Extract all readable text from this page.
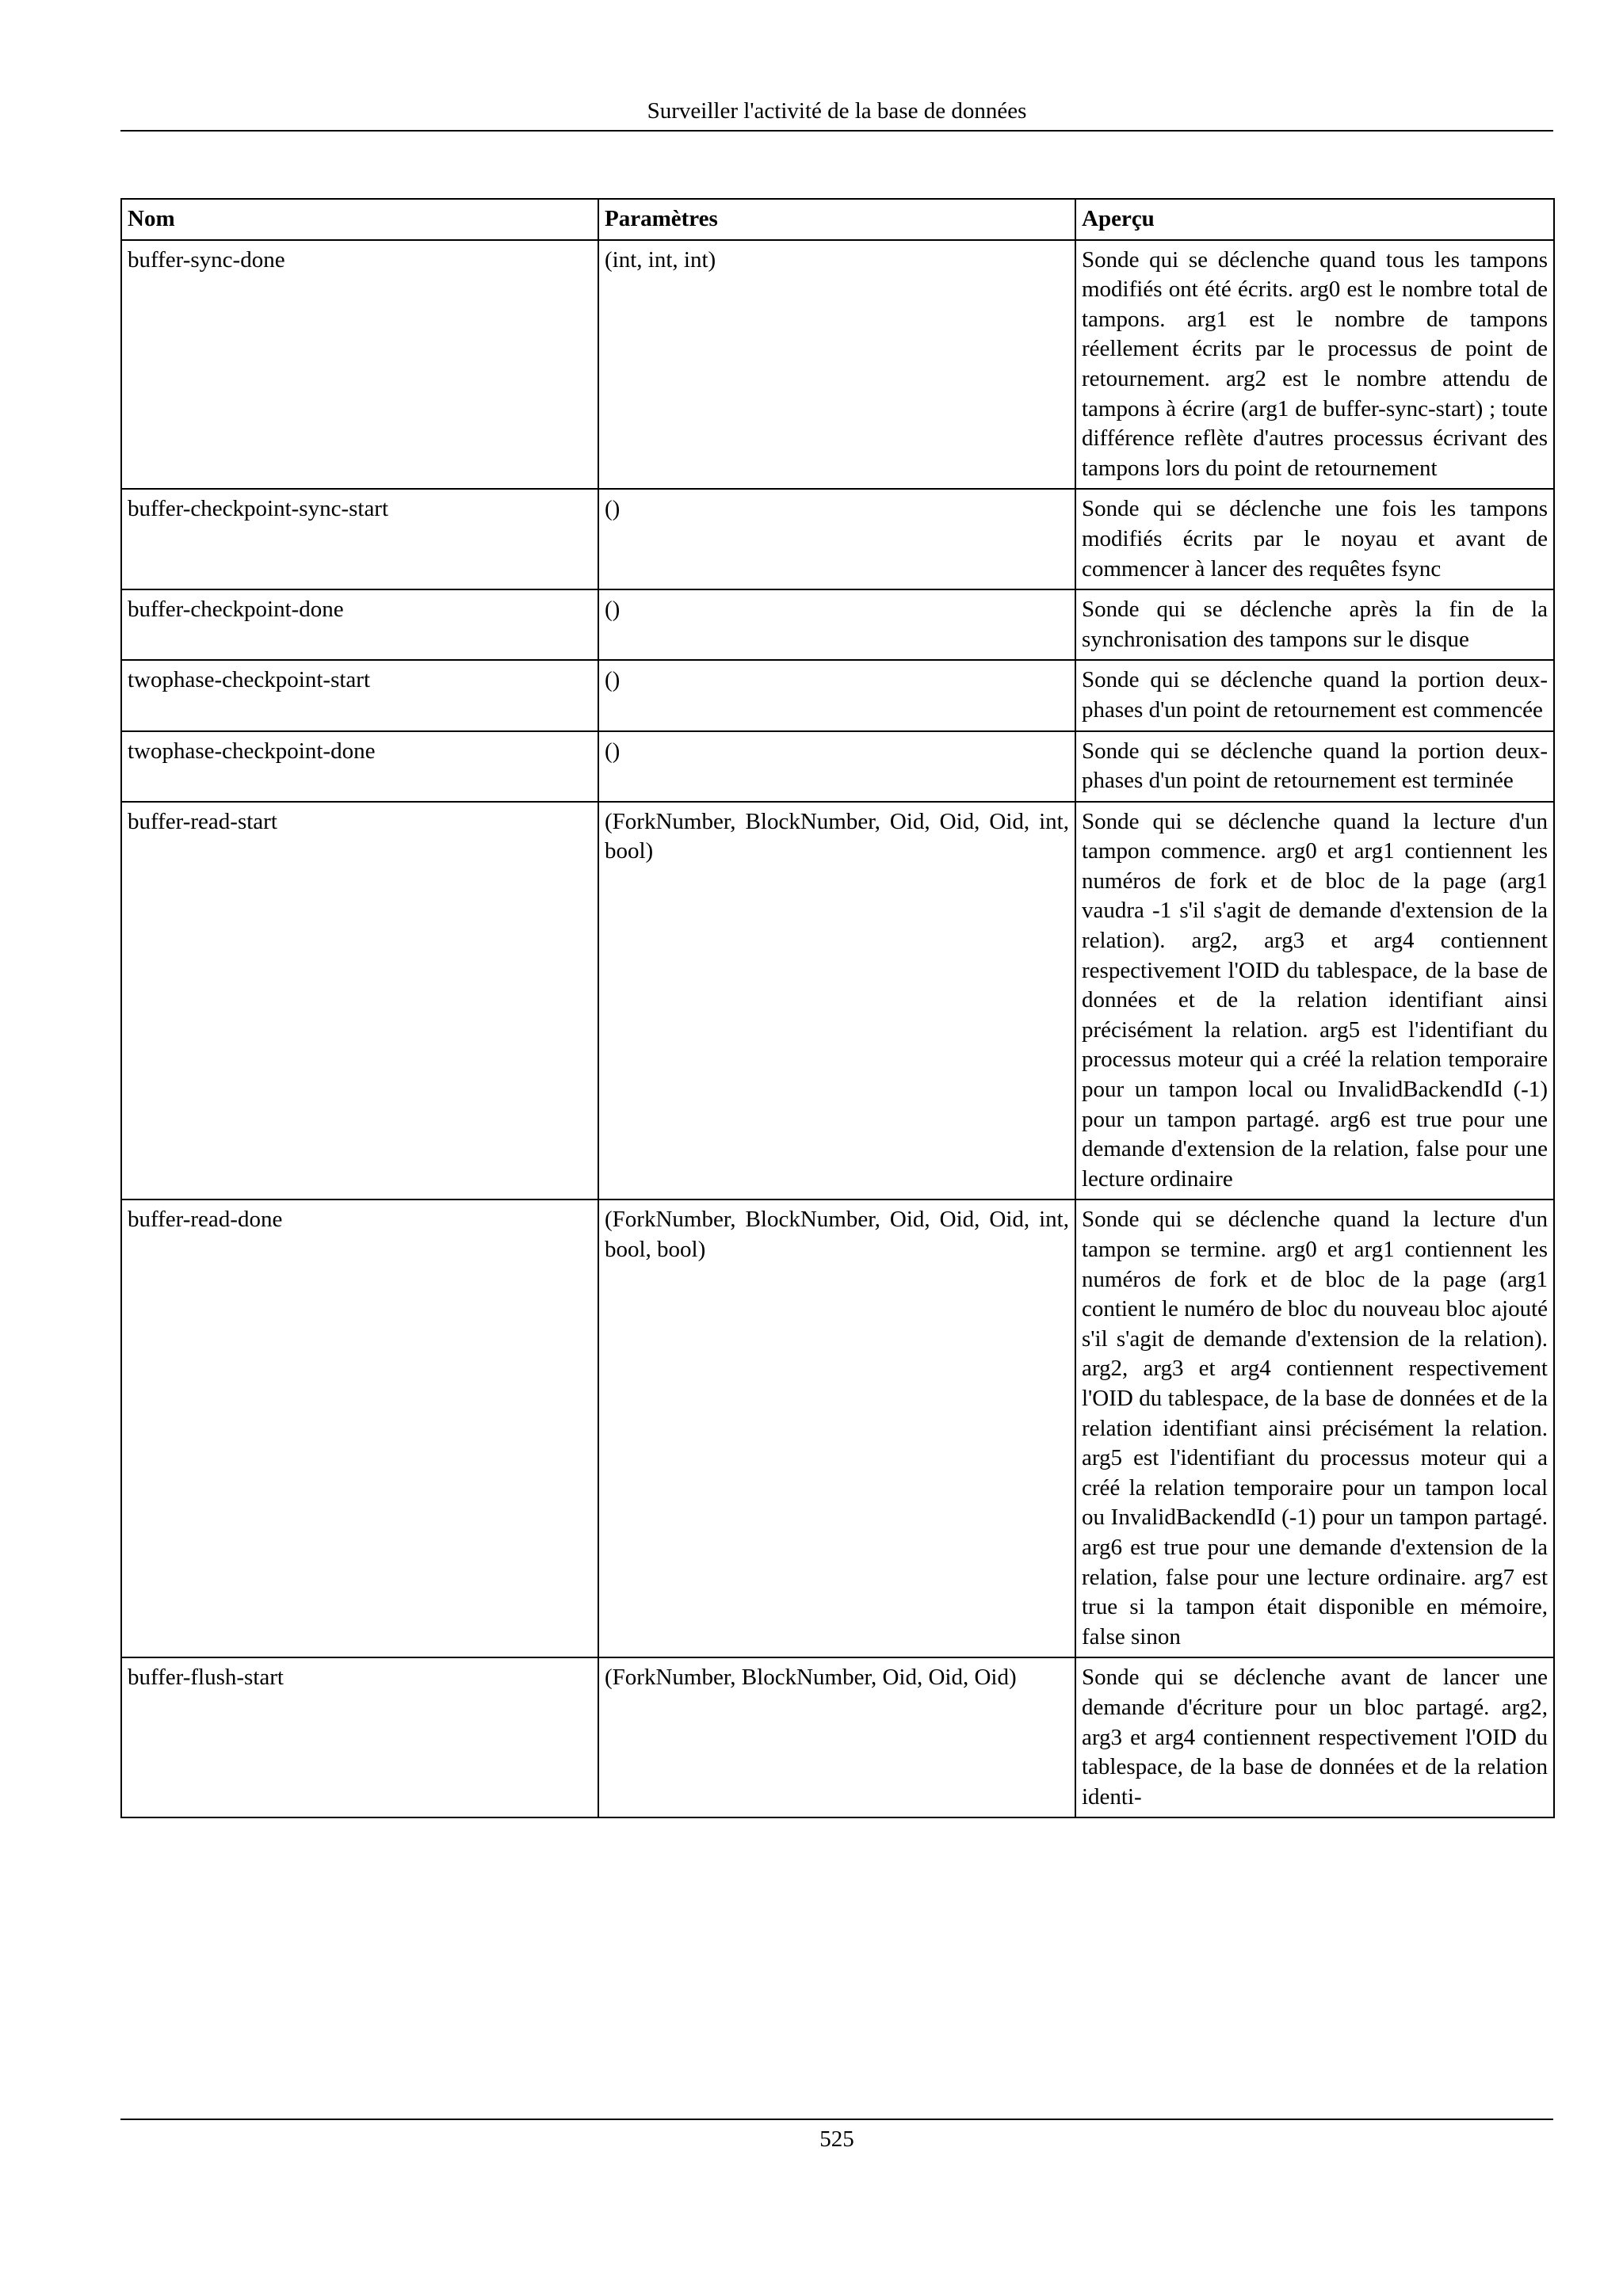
Surveiller l'activité de la base de données
Nom	Paramètres	Aperçu
buffer-sync-done	(int, int, int)	Sonde qui se déclenche quand tous les tampons modifiés ont été écrits. arg0 est le nombre total de tampons. arg1 est le nombre de tampons réellement écrits par le processus de point de retournement. arg2 est le nombre attendu de tampons à écrire (arg1 de buffer-sync-start) ; toute différence reflète d'autres processus écrivant des tampons lors du point de retournement
buffer-checkpoint-sync-start	()	Sonde qui se déclenche une fois les tampons modifiés écrits par le noyau et avant de commencer à lancer des requêtes fsync
buffer-checkpoint-done	()	Sonde qui se déclenche après la fin de la synchronisation des tampons sur le disque
twophase-checkpoint-start	()	Sonde qui se déclenche quand la portion deux-phases d'un point de retournement est commencée
twophase-checkpoint-done	()	Sonde qui se déclenche quand la portion deux-phases d'un point de retournement est terminée
buffer-read-start	(ForkNumber, BlockNumber, Oid, Oid, Oid, int, bool)	Sonde qui se déclenche quand la lecture d'un tampon commence. arg0 et arg1 contiennent les numéros de fork et de bloc de la page (arg1 vaudra -1 s'il s'agit de demande d'extension de la relation). arg2, arg3 et arg4 contiennent respectivement l'OID du tablespace, de la base de données et de la relation identifiant ainsi précisément la relation. arg5 est l'identifiant du processus moteur qui a créé la relation temporaire pour un tampon local ou InvalidBackendId (-1) pour un tampon partagé. arg6 est true pour une demande d'extension de la relation, false pour une lecture ordinaire
buffer-read-done	(ForkNumber, BlockNumber, Oid, Oid, Oid, int, bool, bool)	Sonde qui se déclenche quand la lecture d'un tampon se termine. arg0 et arg1 contiennent les numéros de fork et de bloc de la page (arg1 contient le numéro de bloc du nouveau bloc ajouté s'il s'agit de demande d'extension de la relation). arg2, arg3 et arg4 contiennent respectivement l'OID du tablespace, de la base de données et de la relation identifiant ainsi précisément la relation. arg5 est l'identifiant du processus moteur qui a créé la relation temporaire pour un tampon local ou InvalidBackendId (-1) pour un tampon partagé. arg6 est true pour une demande d'extension de la relation, false pour une lecture ordinaire. arg7 est true si la tampon était disponible en mémoire, false sinon
buffer-flush-start	(ForkNumber, BlockNumber, Oid, Oid, Oid)	Sonde qui se déclenche avant de lancer une demande d'écriture pour un bloc partagé. arg2, arg3 et arg4 contiennent respectivement l'OID du tablespace, de la base de données et de la relation identi-
525
